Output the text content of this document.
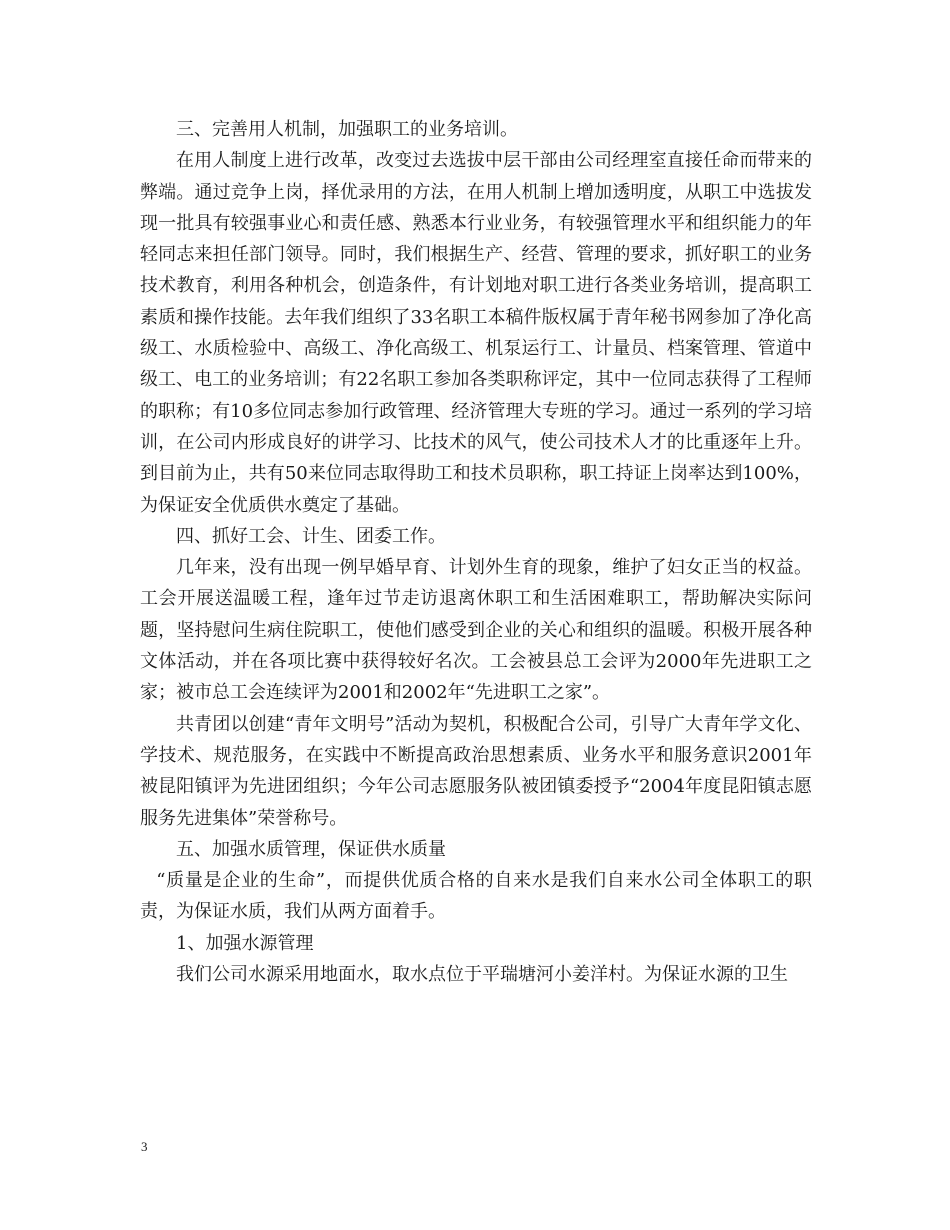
三、完善用人机制，加强职工的业务培训。

在用人制度上进行改革，改变过去选拔中层干部由公司经理室直接任命而带来的弊端。通过竞争上岗，择优录用的方法，在用人机制上增加透明度，从职工中选拔发现一批具有较强事业心和责任感、熟悉本行业业务，有较强管理水平和组织能力的年轻同志来担任部门领导。同时，我们根据生产、经营、管理的要求，抓好职工的业务技术教育，利用各种机会，创造条件，有计划地对职工进行各类业务培训，提高职工素质和操作技能。去年我们组织了33名职工本稿件版权属于青年秘书网参加了净化高级工、水质检验中、高级工、净化高级工、机泵运行工、计量员、档案管理、管道中级工、电工的业务培训；有22名职工参加各类职称评定，其中一位同志获得了工程师的职称；有10多位同志参加行政管理、经济管理大专班的学习。通过一系列的学习培训，在公司内形成良好的讲学习、比技术的风气，使公司技术人才的比重逐年上升。到目前为止，共有50来位同志取得助工和技术员职称，职工持证上岗率达到100%，为保证安全优质供水奠定了基础。

四、抓好工会、计生、团委工作。

几年来，没有出现一例早婚早育、计划外生育的现象，维护了妇女正当的权益。工会开展送温暖工程，逢年过节走访退离休职工和生活困难职工，帮助解决实际问题，坚持慰问生病住院职工，使他们感受到企业的关心和组织的温暖。积极开展各种文体活动，并在各项比赛中获得较好名次。工会被县总工会评为2000年先进职工之家；被市总工会连续评为2001和2002年“先进职工之家”。

共青团以创建“青年文明号”活动为契机，积极配合公司，引导广大青年学文化、学技术、规范服务，在实践中不断提高政治思想素质、业务水平和服务意识2001年被昆阳镇评为先进团组织；今年公司志愿服务队被团镇委授予“2004年度昆阳镇志愿服务先进集体”荣誉称号。

五、加强水质管理，保证供水质量

“质量是企业的生命”，而提供优质合格的自来水是我们自来水公司全体职工的职责，为保证水质，我们从两方面着手。

1、加强水源管理

我们公司水源采用地面水，取水点位于平瑞塘河小姜洋村。为保证水源的卫生

3
